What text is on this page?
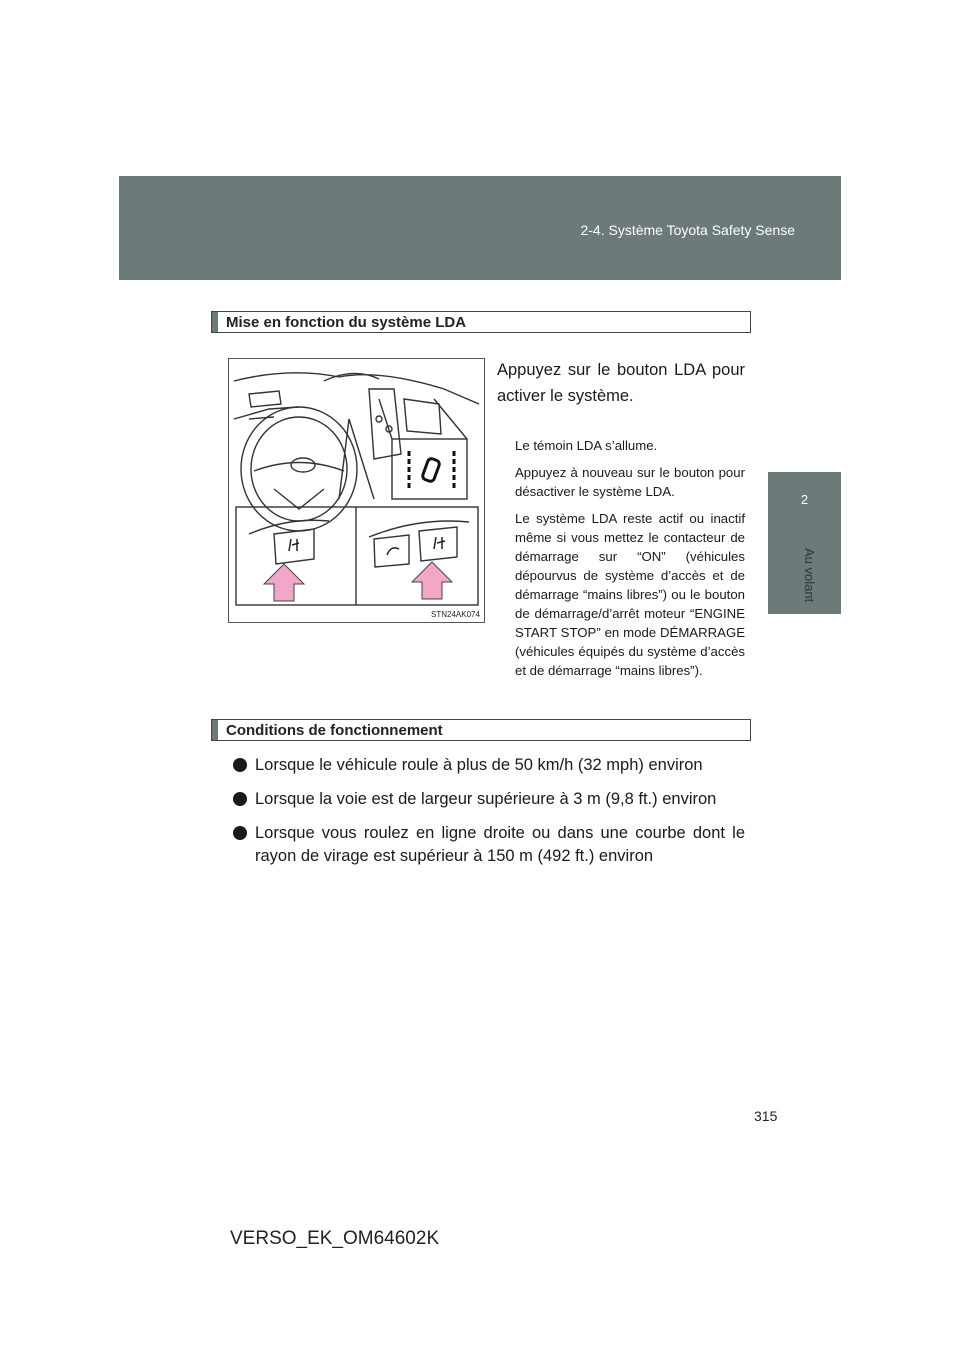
2-4. Système Toyota Safety Sense
2
Au volant
Mise en fonction du système LDA
STN24AK074
Appuyez sur le bouton LDA pour activer le système.

Le témoin LDA s’allume.

Appuyez à nouveau sur le bouton pour désactiver le système LDA.

Le système LDA reste actif ou inactif même si vous mettez le contacteur de démarrage sur “ON” (véhicules dépourvus de système d’accès et de démarrage “mains libres”) ou le bouton de démarrage/d’arrêt moteur “ENGINE START STOP” en mode DÉMARRAGE (véhicules équipés du système d’accès et de démarrage “mains libres”).

Conditions de fonctionnement
Lorsque le véhicule roule à plus de 50 km/h (32 mph) environ
Lorsque la voie est de largeur supérieure à 3 m (9,8 ft.) environ
Lorsque vous roulez en ligne droite ou dans une courbe dont le rayon de virage est supérieur à 150 m (492 ft.) environ
315
VERSO_EK_OM64602K
